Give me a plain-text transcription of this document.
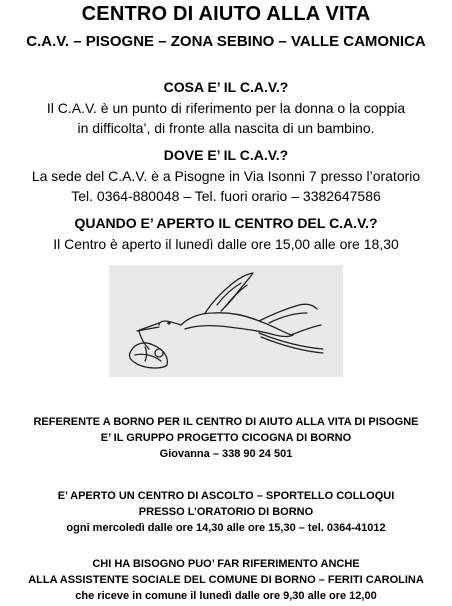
CENTRO DI AIUTO ALLA VITA
C.A.V. – PISOGNE – ZONA SEBINO – VALLE CAMONICA
COSA E’ IL C.A.V.?
Il C.A.V. è un punto di riferimento per la donna o la coppia
in difficolta’, di fronte alla nascita di un bambino.
DOVE E’ IL C.A.V.?
La sede del C.A.V. è a Pisogne in Via Isonni 7 presso l’oratorio
Tel. 0364-880048 – Tel. fuori orario – 3382647586
QUANDO E’ APERTO IL CENTRO DEL C.A.V.?
Il Centro è aperto il lunedì dalle ore 15,00 alle ore 18,30
REFERENTE A BORNO PER IL CENTRO DI AIUTO ALLA VITA DI PISOGNE
E’ IL GRUPPO PROGETTO CICOGNA DI BORNO
Giovanna – 338 90 24 501
E’ APERTO UN CENTRO DI ASCOLTO – SPORTELLO COLLOQUI
PRESSO L’ORATORIO DI BORNO
ogni mercoledì dalle ore 14,30 alle ore 15,30 – tel. 0364-41012
CHI HA BISOGNO PUO’ FAR RIFERIMENTO ANCHE
ALLA ASSISTENTE SOCIALE DEL COMUNE DI BORNO – FERITI CAROLINA
che riceve in comune il lunedì dalle ore 9,30 alle ore 12,00
